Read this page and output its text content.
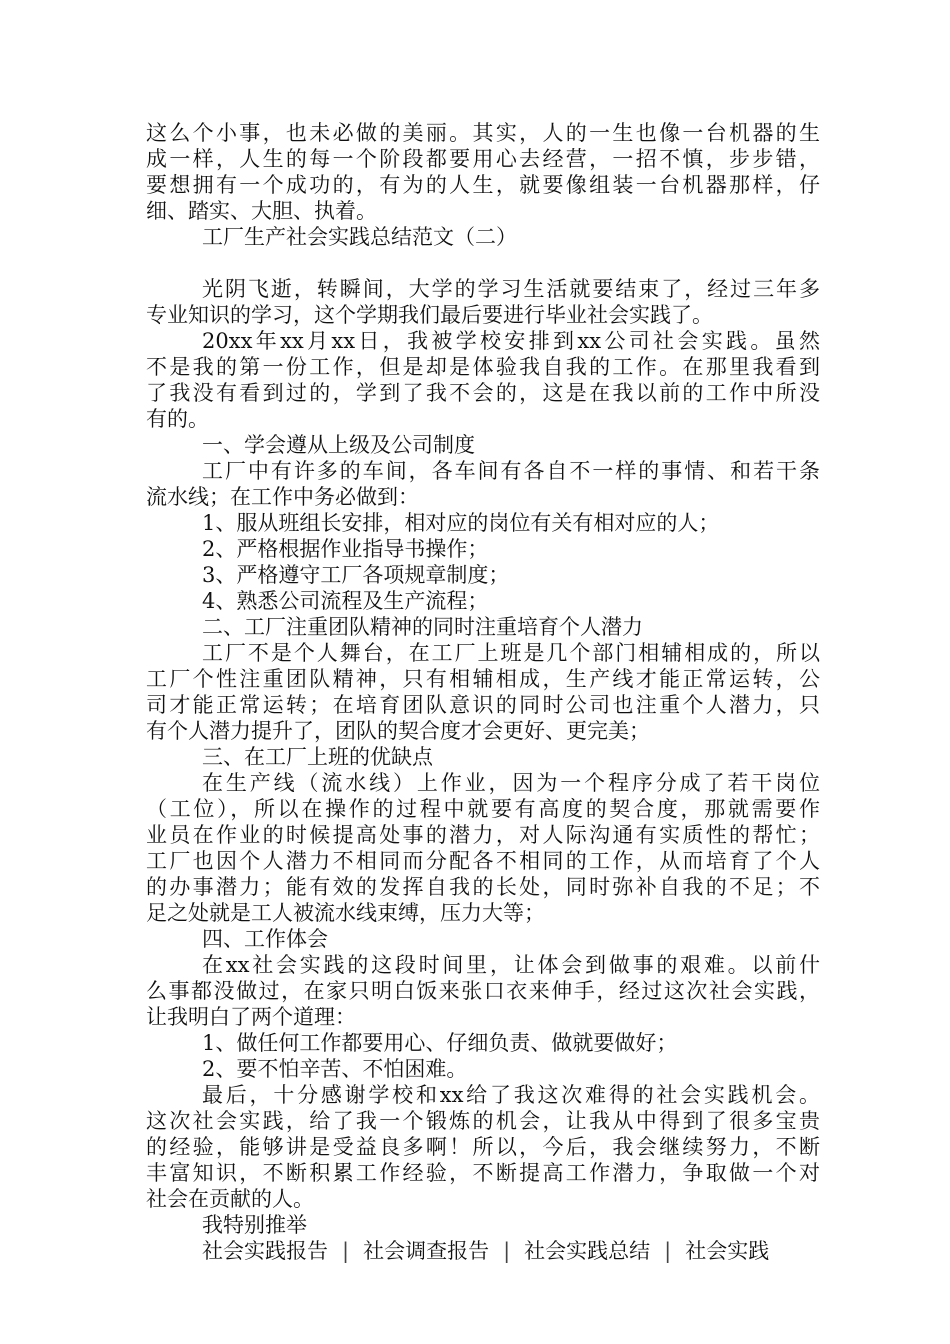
这么个小事，也未必做的美丽。其实，人的一生也像一台机器的生
成一样，人生的每一个阶段都要用心去经营，一招不慎，步步错，
要想拥有一个成功的，有为的人生，就要像组装一台机器那样，仔
细、踏实、大胆、执着。
工厂生产社会实践总结范文（二）
光阴飞逝，转瞬间，大学的学习生活就要结束了，经过三年多
专业知识的学习，这个学期我们最后要进行毕业社会实践了。
20xx年xx月xx日，我被学校安排到xx公司社会实践。虽然
不是我的第一份工作，但是却是体验我自我的工作。在那里我看到
了我没有看到过的，学到了我不会的，这是在我以前的工作中所没
有的。
一、学会遵从上级及公司制度
工厂中有许多的车间，各车间有各自不一样的事情、和若干条
流水线；在工作中务必做到：
1、服从班组长安排，相对应的岗位有关有相对应的人；
2、严格根据作业指导书操作；
3、严格遵守工厂各项规章制度；
4、熟悉公司流程及生产流程；
二、工厂注重团队精神的同时注重培育个人潜力
工厂不是个人舞台，在工厂上班是几个部门相辅相成的，所以
工厂个性注重团队精神，只有相辅相成，生产线才能正常运转，公
司才能正常运转；在培育团队意识的同时公司也注重个人潜力，只
有个人潜力提升了，团队的契合度才会更好、更完美；
三、在工厂上班的优缺点
在生产线（流水线）上作业，因为一个程序分成了若干岗位
（工位），所以在操作的过程中就要有高度的契合度，那就需要作
业员在作业的时候提高处事的潜力，对人际沟通有实质性的帮忙；
工厂也因个人潜力不相同而分配各不相同的工作，从而培育了个人
的办事潜力；能有效的发挥自我的长处，同时弥补自我的不足；不
足之处就是工人被流水线束缚，压力大等；
四、工作体会
在xx社会实践的这段时间里，让体会到做事的艰难。以前什
么事都没做过，在家只明白饭来张口衣来伸手，经过这次社会实践，
让我明白了两个道理：
1、做任何工作都要用心、仔细负责、做就要做好；
2、要不怕辛苦、不怕困难。
最后，十分感谢学校和xx给了我这次难得的社会实践机会。
这次社会实践，给了我一个锻炼的机会，让我从中得到了很多宝贵
的经验，能够讲是受益良多啊！所以，今后，我会继续努力，不断
丰富知识，不断积累工作经验，不断提高工作潜力，争取做一个对
社会在贡献的人。
我特别推举
社会实践报告 | 社会调查报告 | 社会实践总结 | 社会实践
